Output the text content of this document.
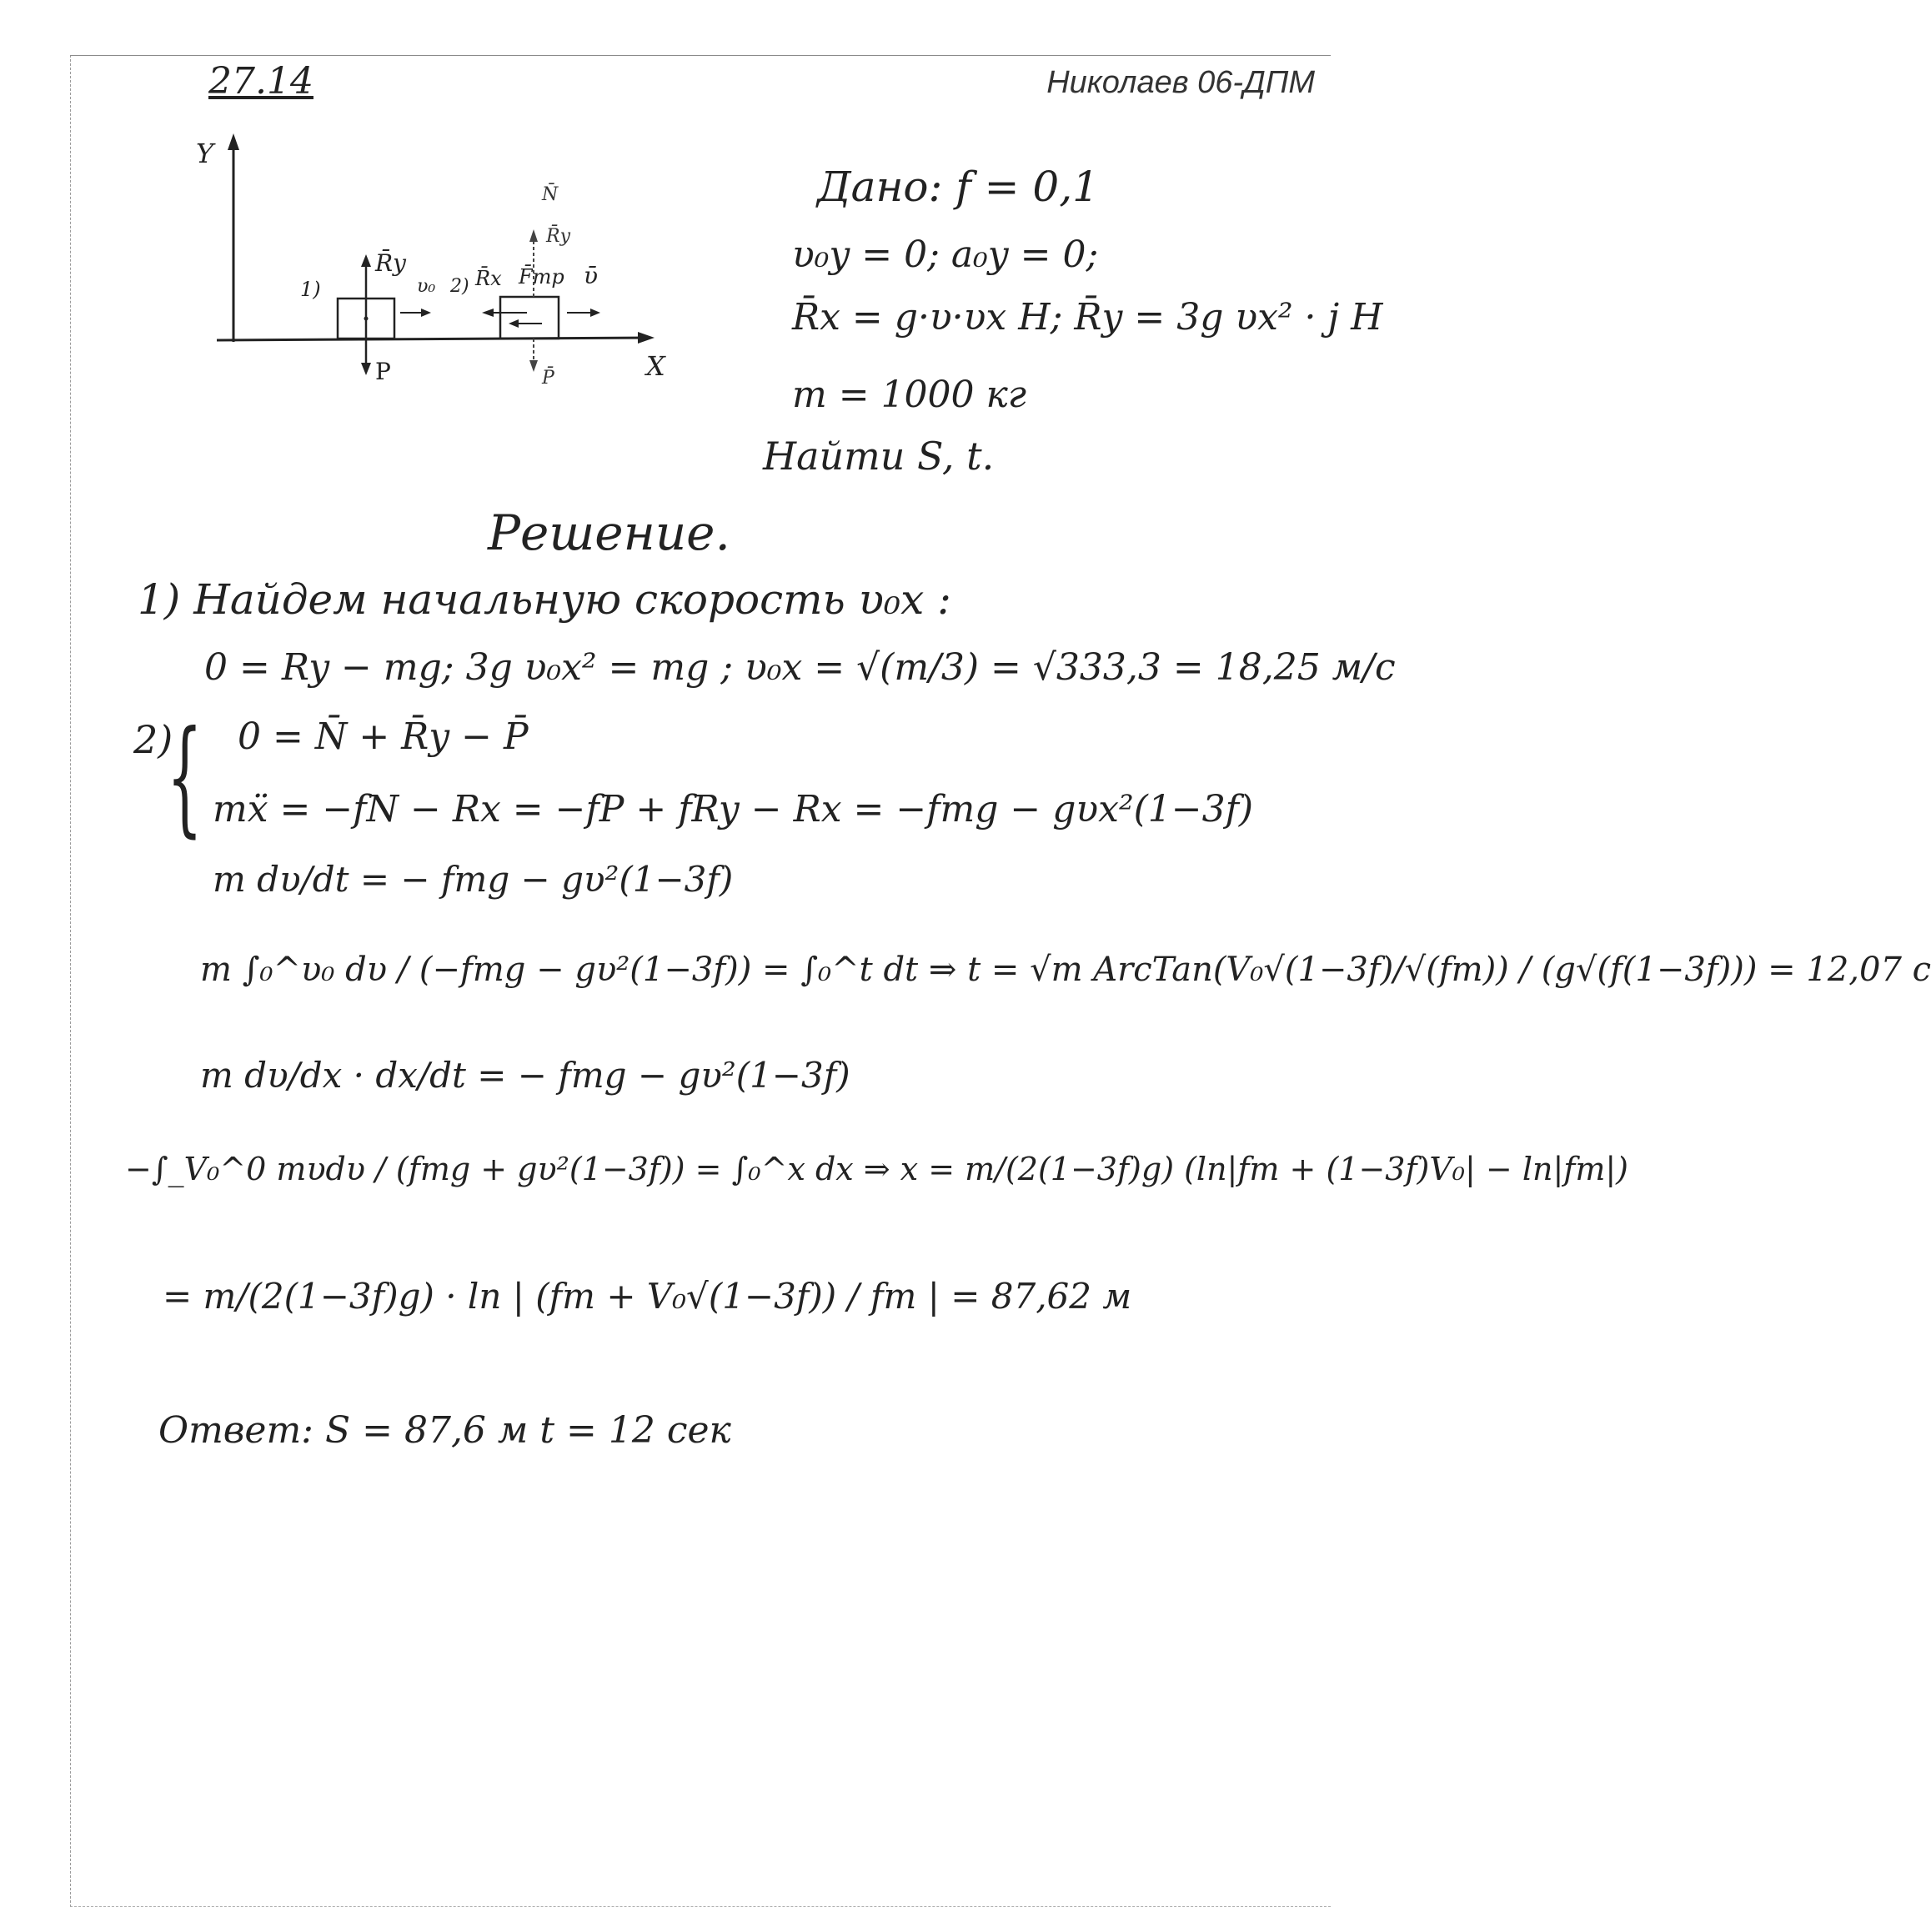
27.14	Николаев 06-ДПМ
Y
X
1)
R̄y
P
υ₀ 2) R̄x F̄тр ῡ
N̄
R̄y
P̄
Дано: f = 0,1
υ₀y = 0; a₀y = 0;
R̄x = g·υ·υx H; R̄y = 3g υx² · j H
m = 1000 кг
Найти S, t.
Решение.
1) Найдем начальную скорость υ₀x :
0 = Ry − mg; 3g υ₀x² = mg ; υ₀x = √(m/3) = √333,3 = 18,25 м/с
2)
{ 0 = N̄ + R̄y − P̄
mẍ = −fN − Rx = −fP + fRy − Rx = −fmg − gυx²(1−3f)
m dυ/dt = − fmg − gυ²(1−3f)
m ∫₀^υ₀ dυ / (−fmg − gυ²(1−3f)) = ∫₀^t dt ⇒ t = √m ArcTan(V₀√(1−3f)/√(fm)) / (g√(f(1−3f))) = 12,07 c
m dυ/dx · dx/dt = − fmg − gυ²(1−3f)
−∫_V₀^0 mυdυ / (fmg + gυ²(1−3f)) = ∫₀^x dx ⇒ x = m/(2(1−3f)g) (ln|fm + (1−3f)V₀| − ln|fm|)
= m/(2(1−3f)g) · ln | (fm + V₀√(1−3f)) / fm | = 87,62 м
Ответ: S = 87,6 м t = 12 сек
